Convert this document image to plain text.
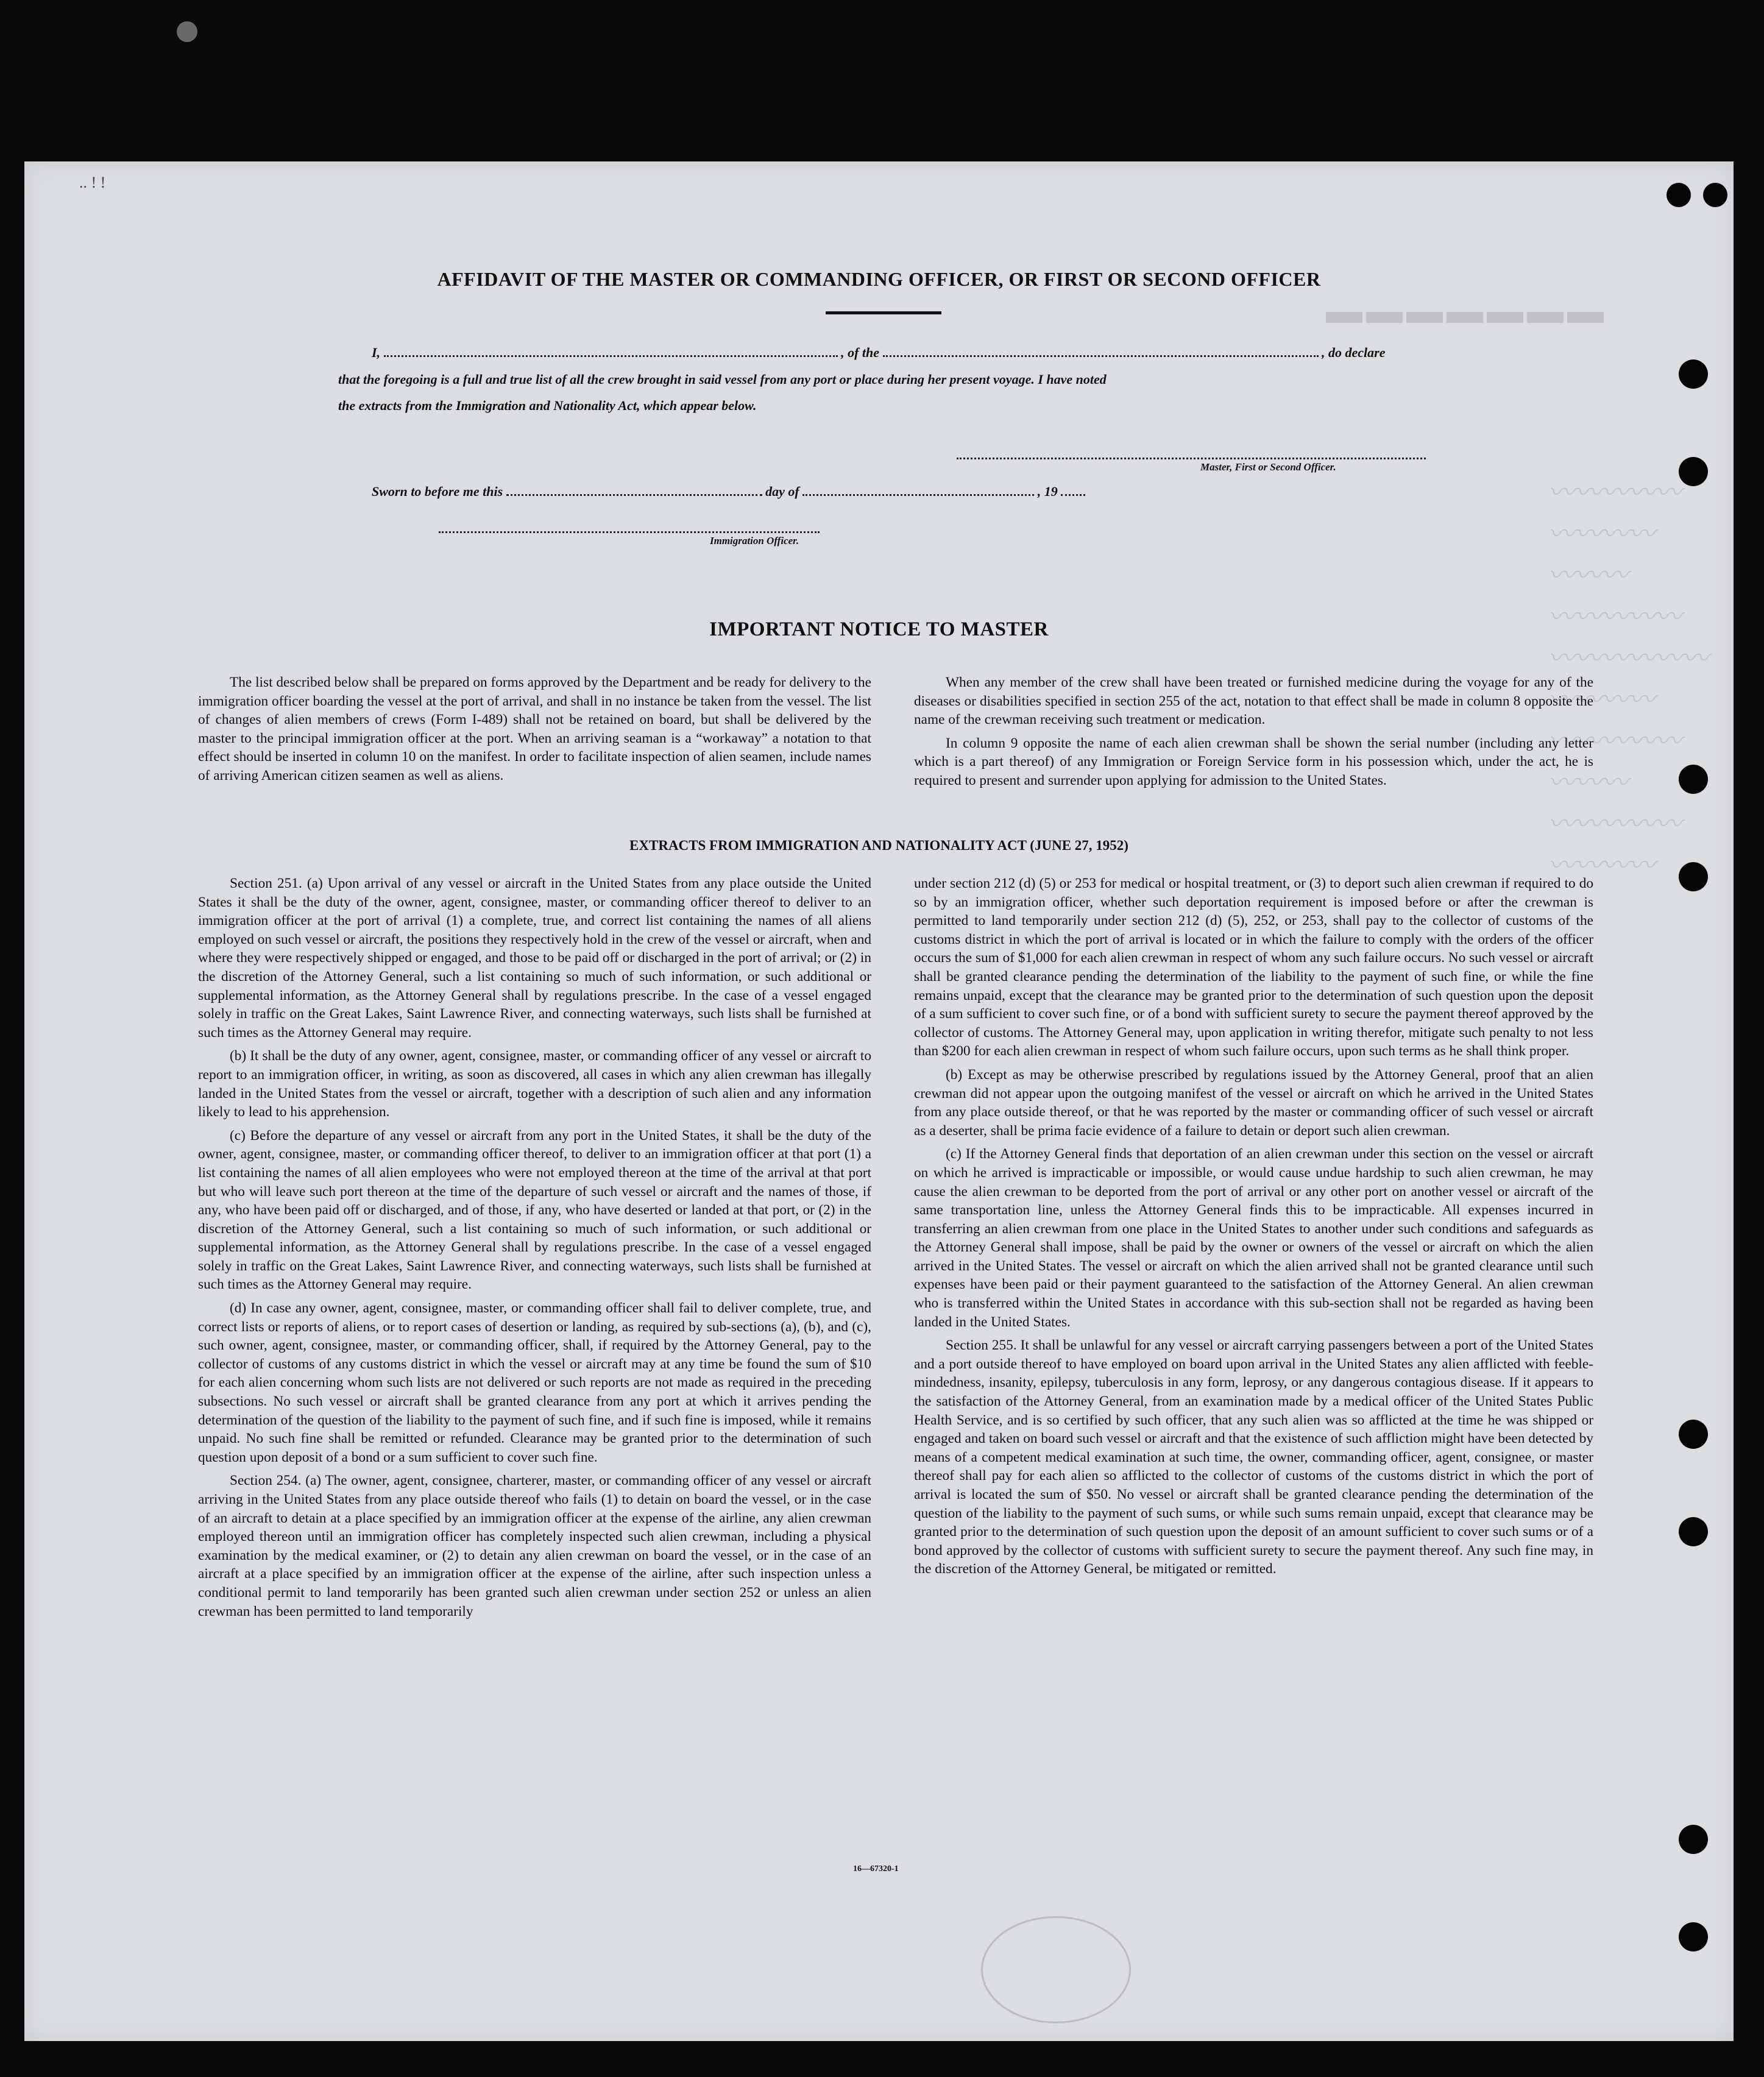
.. ! !
▬▬▬▬▬▬▬
〰〰〰〰〰
〰〰〰〰
〰〰〰
〰〰〰〰〰
〰〰〰〰〰〰
〰〰〰〰
〰〰〰〰〰
〰〰〰
〰〰〰〰〰
〰〰〰〰
AFFIDAVIT OF THE MASTER OR COMMANDING OFFICER, OR FIRST OR SECOND OFFICER
I,	, of the	, do declare
that the foregoing is a full and true list of all the crew brought in said vessel from any port or place during her present voyage. I have noted
the extracts from the Immigration and Nationality Act, which appear below.
Master, First or Second Officer.
Sworn to before me this	day of	, 19
Immigration Officer.
IMPORTANT NOTICE TO MASTER

The list described below shall be prepared on forms approved by the Department and be ready for delivery to the immigration officer boarding the vessel at the port of arrival, and shall in no instance be taken from the vessel. The list of changes of alien members of crews (Form I-489) shall not be retained on board, but shall be delivered by the master to the principal immigration officer at the port. When an arriving seaman is a “workaway” a notation to that effect should be inserted in column 10 on the manifest. In order to facilitate inspection of alien seamen, include names of arriving American citizen seamen as well as aliens.

When any member of the crew shall have been treated or furnished medicine during the voyage for any of the diseases or disabilities specified in section 255 of the act, notation to that effect shall be made in column 8 opposite the name of the crewman receiving such treatment or medication.

In column 9 opposite the name of each alien crewman shall be shown the serial number (including any letter which is a part thereof) of any Immigration or Foreign Service form in his possession which, under the act, he is required to present and surrender upon applying for admission to the United States.

EXTRACTS FROM IMMIGRATION AND NATIONALITY ACT (JUNE 27, 1952)

Section 251. (a) Upon arrival of any vessel or aircraft in the United States from any place outside the United States it shall be the duty of the owner, agent, consignee, master, or commanding officer thereof to deliver to an immigration officer at the port of arrival (1) a complete, true, and correct list containing the names of all aliens employed on such vessel or aircraft, the positions they respectively hold in the crew of the vessel or aircraft, when and where they were respectively shipped or engaged, and those to be paid off or discharged in the port of arrival; or (2) in the discretion of the Attorney General, such a list containing so much of such information, or such additional or supplemental information, as the Attorney General shall by regulations prescribe. In the case of a vessel engaged solely in traffic on the Great Lakes, Saint Lawrence River, and connecting waterways, such lists shall be furnished at such times as the Attorney General may require.

(b) It shall be the duty of any owner, agent, consignee, master, or commanding officer of any vessel or aircraft to report to an immigration officer, in writing, as soon as discovered, all cases in which any alien crewman has illegally landed in the United States from the vessel or aircraft, together with a description of such alien and any information likely to lead to his apprehension.

(c) Before the departure of any vessel or aircraft from any port in the United States, it shall be the duty of the owner, agent, consignee, master, or commanding officer thereof, to deliver to an immigration officer at that port (1) a list containing the names of all alien employees who were not employed thereon at the time of the arrival at that port but who will leave such port thereon at the time of the departure of such vessel or aircraft and the names of those, if any, who have been paid off or discharged, and of those, if any, who have deserted or landed at that port, or (2) in the discretion of the Attorney General, such a list containing so much of such information, or such additional or supplemental information, as the Attorney General shall by regulations prescribe. In the case of a vessel engaged solely in traffic on the Great Lakes, Saint Lawrence River, and connecting waterways, such lists shall be furnished at such times as the Attorney General may require.

(d) In case any owner, agent, consignee, master, or commanding officer shall fail to deliver complete, true, and correct lists or reports of aliens, or to report cases of desertion or landing, as required by sub-sections (a), (b), and (c), such owner, agent, consignee, master, or commanding officer, shall, if required by the Attorney General, pay to the collector of customs of any customs district in which the vessel or aircraft may at any time be found the sum of $10 for each alien concerning whom such lists are not delivered or such reports are not made as required in the preceding subsections. No such vessel or aircraft shall be granted clearance from any port at which it arrives pending the determination of the question of the liability to the payment of such fine, and if such fine is imposed, while it remains unpaid. No such fine shall be remitted or refunded. Clearance may be granted prior to the determination of such question upon deposit of a bond or a sum sufficient to cover such fine.

Section 254. (a) The owner, agent, consignee, charterer, master, or commanding officer of any vessel or aircraft arriving in the United States from any place outside thereof who fails (1) to detain on board the vessel, or in the case of an aircraft to detain at a place specified by an immigration officer at the expense of the airline, any alien crewman employed thereon until an immigration officer has completely inspected such alien crewman, including a physical examination by the medical examiner, or (2) to detain any alien crewman on board the vessel, or in the case of an aircraft at a place specified by an immigration officer at the expense of the airline, after such inspection unless a conditional permit to land temporarily has been granted such alien crewman under section 252 or unless an alien crewman has been permitted to land temporarily

under section 212 (d) (5) or 253 for medical or hospital treatment, or (3) to deport such alien crewman if required to do so by an immigration officer, whether such deportation requirement is imposed before or after the crewman is permitted to land temporarily under section 212 (d) (5), 252, or 253, shall pay to the collector of customs of the customs district in which the port of arrival is located or in which the failure to comply with the orders of the officer occurs the sum of $1,000 for each alien crewman in respect of whom any such failure occurs. No such vessel or aircraft shall be granted clearance pending the determination of the liability to the payment of such fine, or while the fine remains unpaid, except that the clearance may be granted prior to the determination of such question upon the deposit of a sum sufficient to cover such fine, or of a bond with sufficient surety to secure the payment thereof approved by the collector of customs. The Attorney General may, upon application in writing therefor, mitigate such penalty to not less than $200 for each alien crewman in respect of whom such failure occurs, upon such terms as he shall think proper.

(b) Except as may be otherwise prescribed by regulations issued by the Attorney General, proof that an alien crewman did not appear upon the outgoing manifest of the vessel or aircraft on which he arrived in the United States from any place outside thereof, or that he was reported by the master or commanding officer of such vessel or aircraft as a deserter, shall be prima facie evidence of a failure to detain or deport such alien crewman.

(c) If the Attorney General finds that deportation of an alien crewman under this section on the vessel or aircraft on which he arrived is impracticable or impossible, or would cause undue hardship to such alien crewman, he may cause the alien crewman to be deported from the port of arrival or any other port on another vessel or aircraft of the same transportation line, unless the Attorney General finds this to be impracticable. All expenses incurred in transferring an alien crewman from one place in the United States to another under such conditions and safeguards as the Attorney General shall impose, shall be paid by the owner or owners of the vessel or aircraft on which the alien arrived in the United States. The vessel or aircraft on which the alien arrived shall not be granted clearance until such expenses have been paid or their payment guaranteed to the satisfaction of the Attorney General. An alien crewman who is transferred within the United States in accordance with this sub-section shall not be regarded as having been landed in the United States.

Section 255. It shall be unlawful for any vessel or aircraft carrying passengers between a port of the United States and a port outside thereof to have employed on board upon arrival in the United States any alien afflicted with feeble-mindedness, insanity, epilepsy, tuberculosis in any form, leprosy, or any dangerous contagious disease. If it appears to the satisfaction of the Attorney General, from an examination made by a medical officer of the United States Public Health Service, and is so certified by such officer, that any such alien was so afflicted at the time he was shipped or engaged and taken on board such vessel or aircraft and that the existence of such affliction might have been detected by means of a competent medical examination at such time, the owner, commanding officer, agent, consignee, or master thereof shall pay for each alien so afflicted to the collector of customs of the customs district in which the port of arrival is located the sum of $50. No vessel or aircraft shall be granted clearance pending the determination of the question of the liability to the payment of such sums, or while such sums remain unpaid, except that clearance may be granted prior to the determination of such question upon the deposit of an amount sufficient to cover such sums or of a bond approved by the collector of customs with sufficient surety to secure the payment thereof. Any such fine may, in the discretion of the Attorney General, be mitigated or remitted.

16—67320-1
